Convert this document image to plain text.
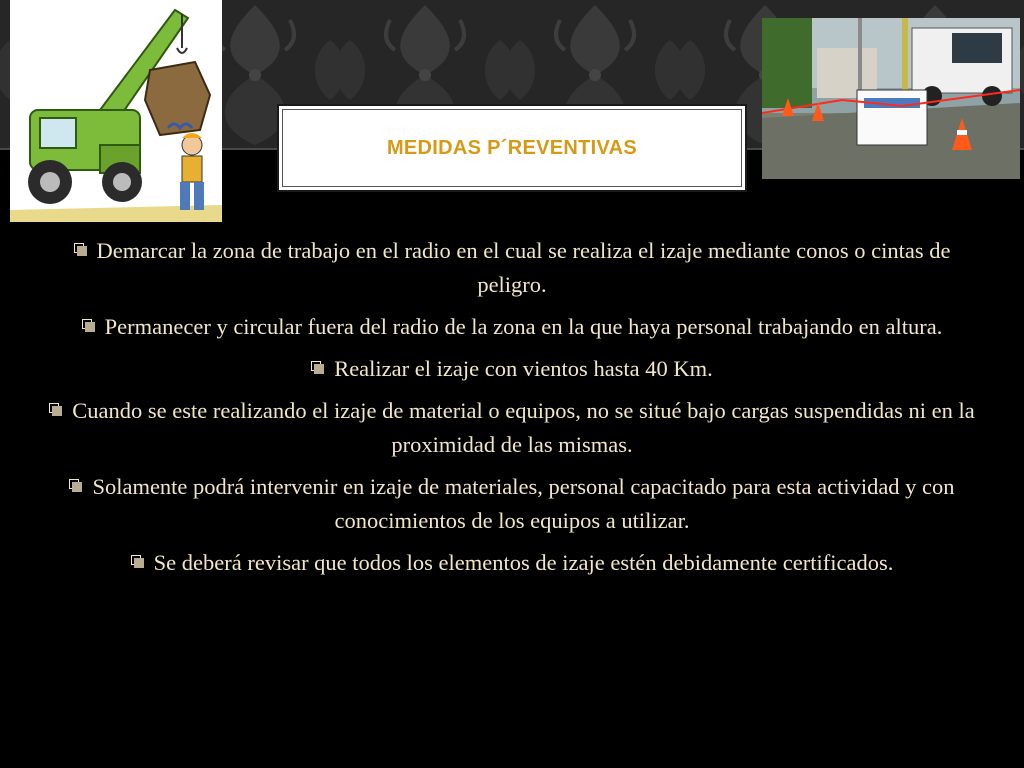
MEDIDAS P´REVENTIVAS
Demarcar la zona de trabajo en el radio en el cual se realiza el izaje mediante conos o cintas de peligro.
Permanecer y circular fuera del radio de la zona en la que haya personal trabajando en altura.
Realizar el izaje con vientos hasta 40 Km.
Cuando se este realizando el izaje de material o equipos, no se situé bajo cargas suspendidas ni en la proximidad de las mismas.
Solamente podrá intervenir en izaje de materiales, personal capacitado para esta actividad y con conocimientos de los equipos a utilizar.
Se deberá revisar que todos los elementos de izaje estén debidamente certificados.
